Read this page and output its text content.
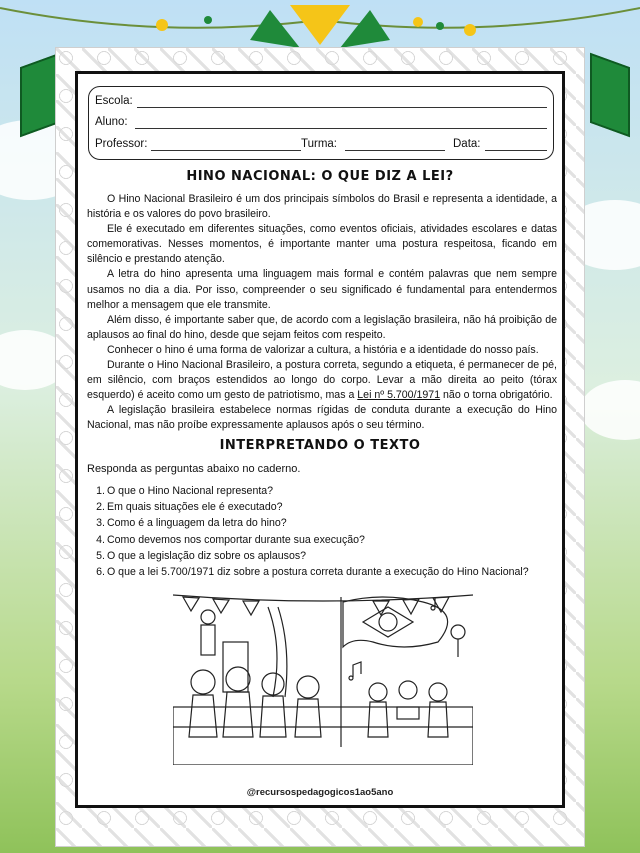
Escola:
Aluno:
Professor:	Turma:	Data:
HINO NACIONAL: O QUE DIZ A LEI?

O Hino Nacional Brasileiro é um dos principais símbolos do Brasil e representa a identidade, a história e os valores do povo brasileiro.

Ele é executado em diferentes situações, como eventos oficiais, atividades escolares e datas comemorativas. Nesses momentos, é importante manter uma postura respeitosa, ficando em silêncio e prestando atenção.

A letra do hino apresenta uma linguagem mais formal e contém palavras que nem sempre usamos no dia a dia. Por isso, compreender o seu significado é fundamental para entendermos melhor a mensagem que ele transmite.

Além disso, é importante saber que, de acordo com a legislação brasileira, não há proibição de aplausos ao final do hino, desde que sejam feitos com respeito.

Conhecer o hino é uma forma de valorizar a cultura, a história e a identidade do nosso país.

Durante o Hino Nacional Brasileiro, a postura correta, segundo a etiqueta, é permanecer de pé, em silêncio, com braços estendidos ao longo do corpo. Levar a mão direita ao peito (tórax esquerdo) é aceito como um gesto de patriotismo, mas a Lei nº 5.700/1971 não o torna obrigatório.

A legislação brasileira estabelece normas rígidas de conduta durante a execução do Hino Nacional, mas não proíbe expressamente aplausos após o seu término.

INTERPRETANDO O TEXTO
Responda as perguntas abaixo no caderno.
1. O que o Hino Nacional representa?
2. Em quais situações ele é executado?
3. Como é a linguagem da letra do hino?
4. Como devemos nos comportar durante sua execução?
5. O que a legislação diz sobre os aplausos?
6. O que a lei 5.700/1971 diz sobre a postura correta durante a execução do Hino Nacional?
@recursospedagogicos1ao5ano
